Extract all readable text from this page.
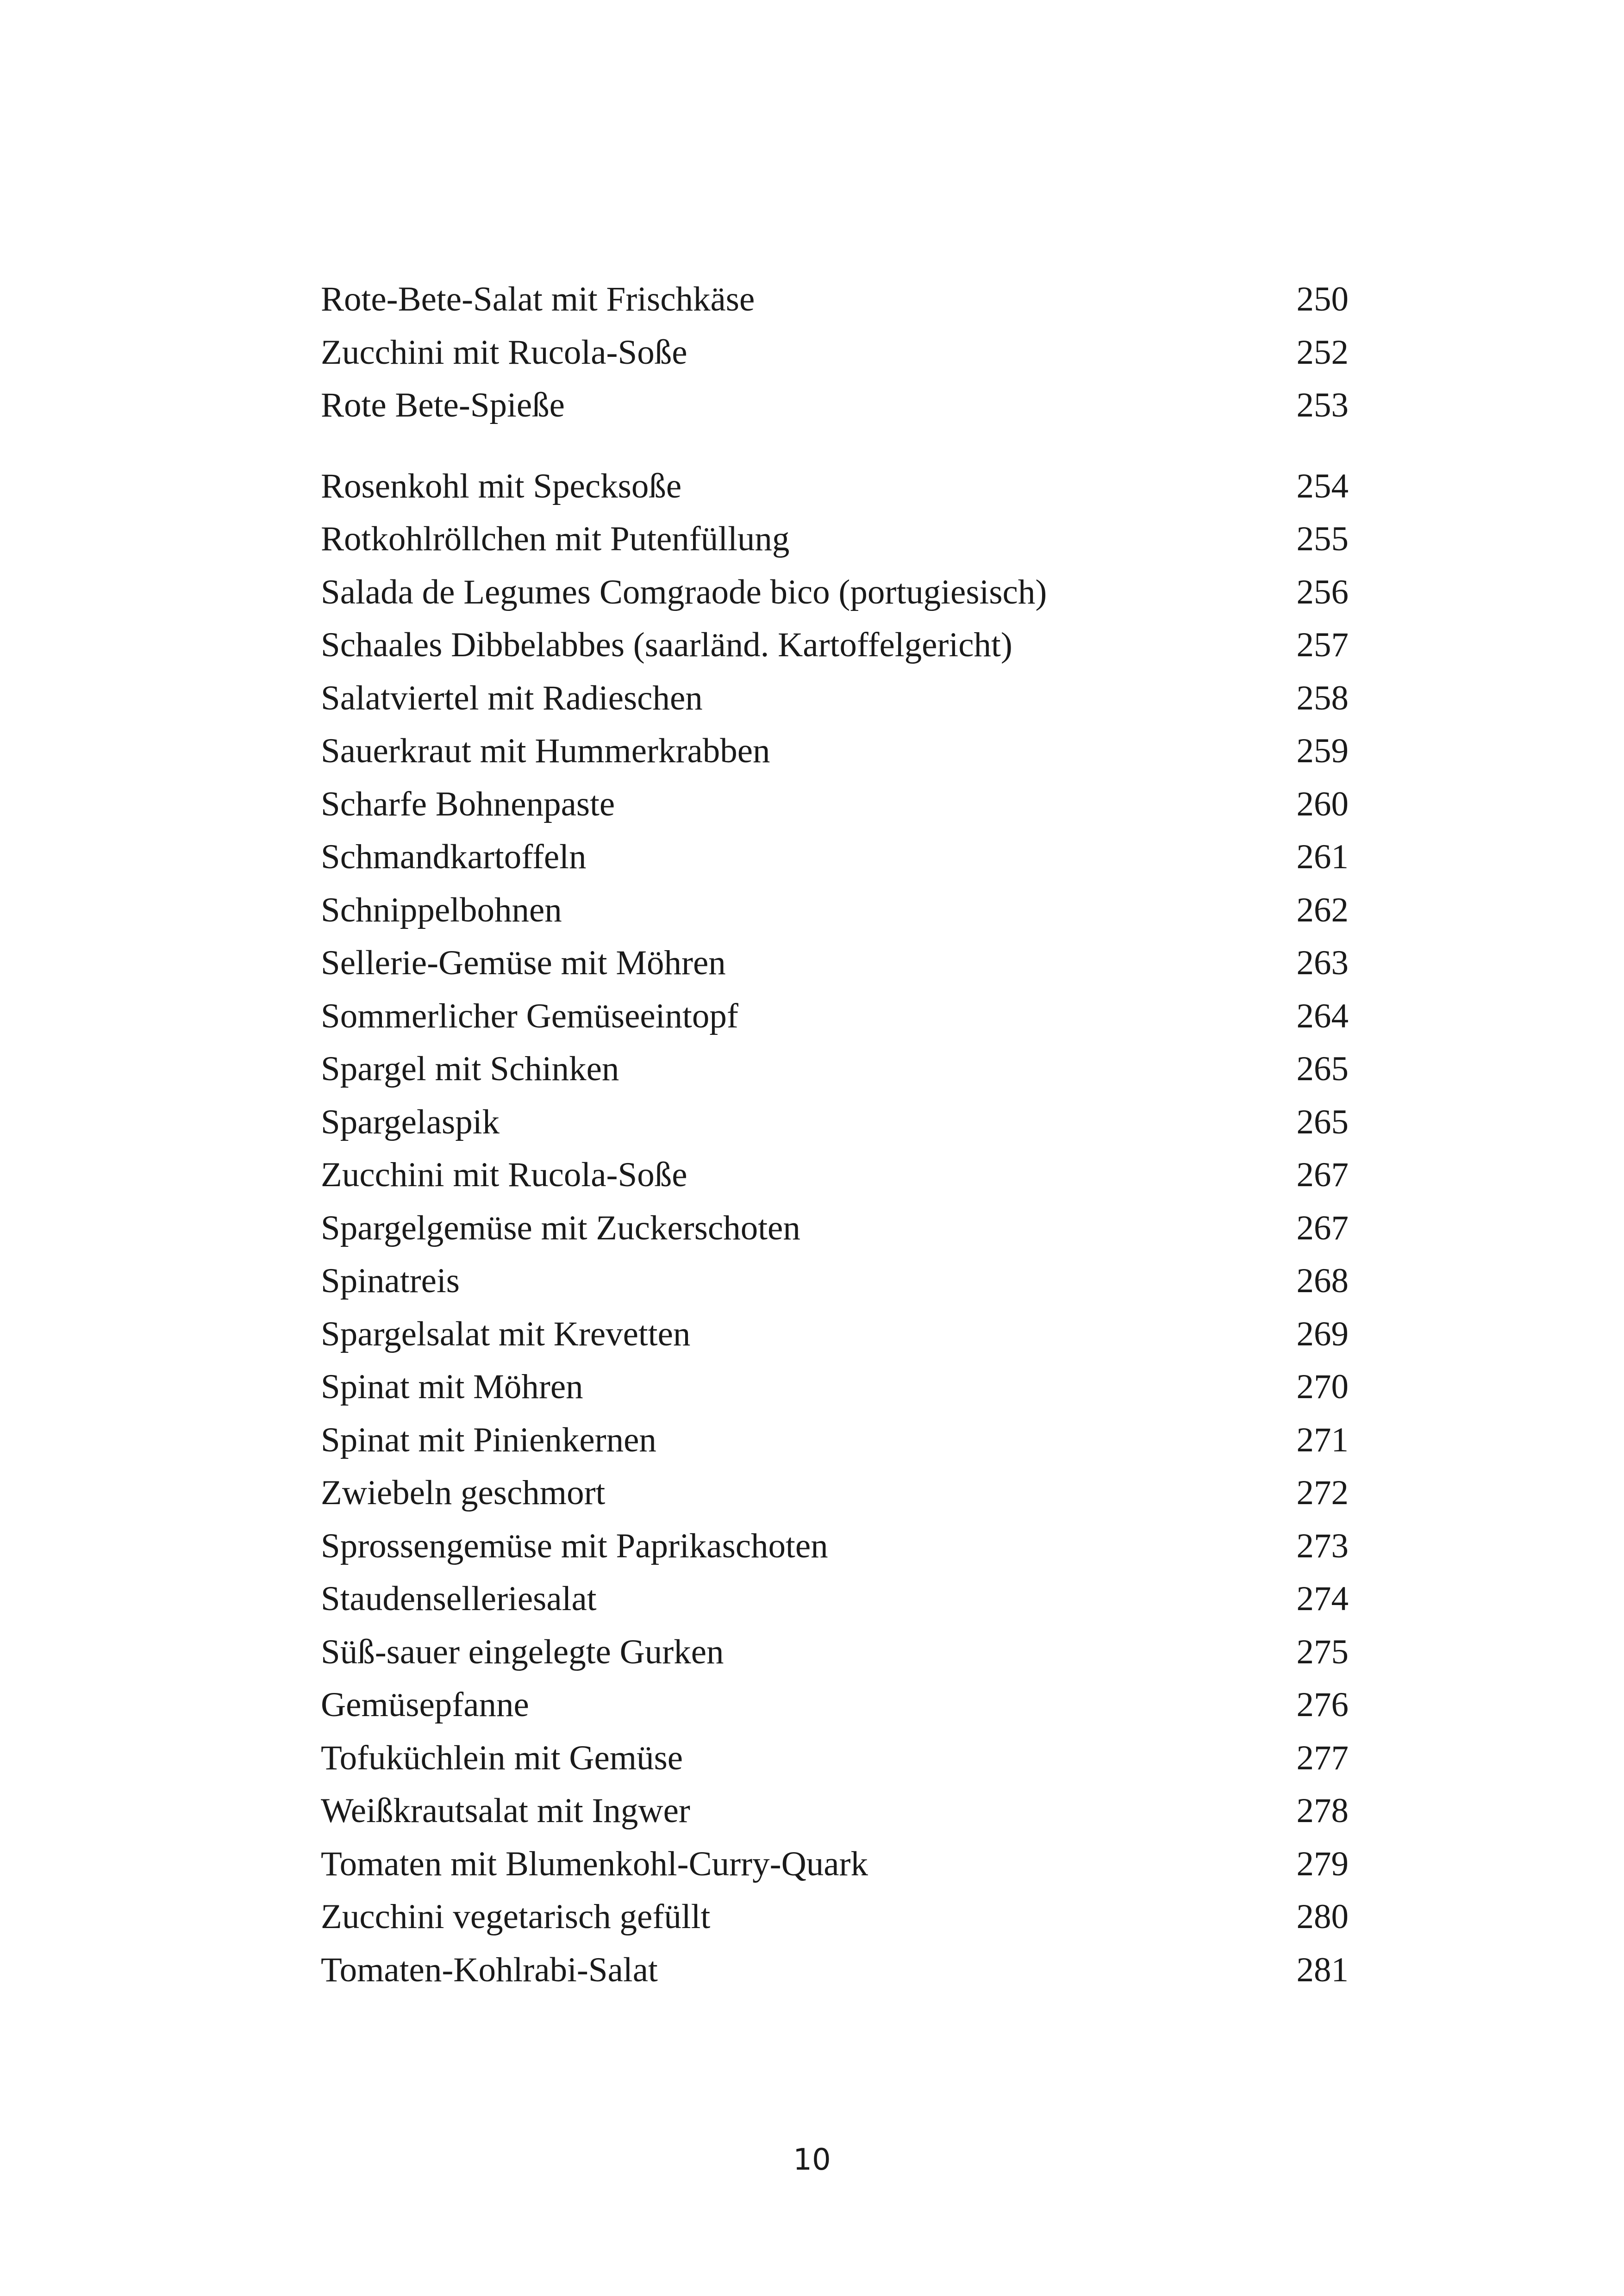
Rote-Bete-Salat mit Frischkäse	250
Zucchini mit Rucola-Soße	252
Rote Bete-Spieße	253
Rosenkohl mit Specksoße	254
Rotkohlröllchen mit Putenfüllung	255
Salada de Legumes Comgraode bico (portugiesisch)	256
Schaales Dibbelabbes (saarländ. Kartoffelgericht)	257
Salatviertel mit Radieschen	258
Sauerkraut mit Hummerkrabben	259
Scharfe Bohnenpaste	260
Schmandkartoffeln	261
Schnippelbohnen	262
Sellerie-Gemüse mit Möhren	263
Sommerlicher Gemüseeintopf	264
Spargel mit Schinken	265
Spargelaspik	265
Zucchini mit Rucola-Soße	267
Spargelgemüse mit Zuckerschoten	267
Spinatreis	268
Spargelsalat mit Krevetten	269
Spinat mit Möhren	270
Spinat mit Pinienkernen	271
Zwiebeln geschmort	272
Sprossengemüse mit Paprikaschoten	273
Staudenselleriesalat	274
Süß-sauer eingelegte Gurken	275
Gemüsepfanne	276
Tofuküchlein mit Gemüse	277
Weißkrautsalat mit Ingwer	278
Tomaten mit Blumenkohl-Curry-Quark	279
Zucchini vegetarisch gefüllt	280
Tomaten-Kohlrabi-Salat	281
10
